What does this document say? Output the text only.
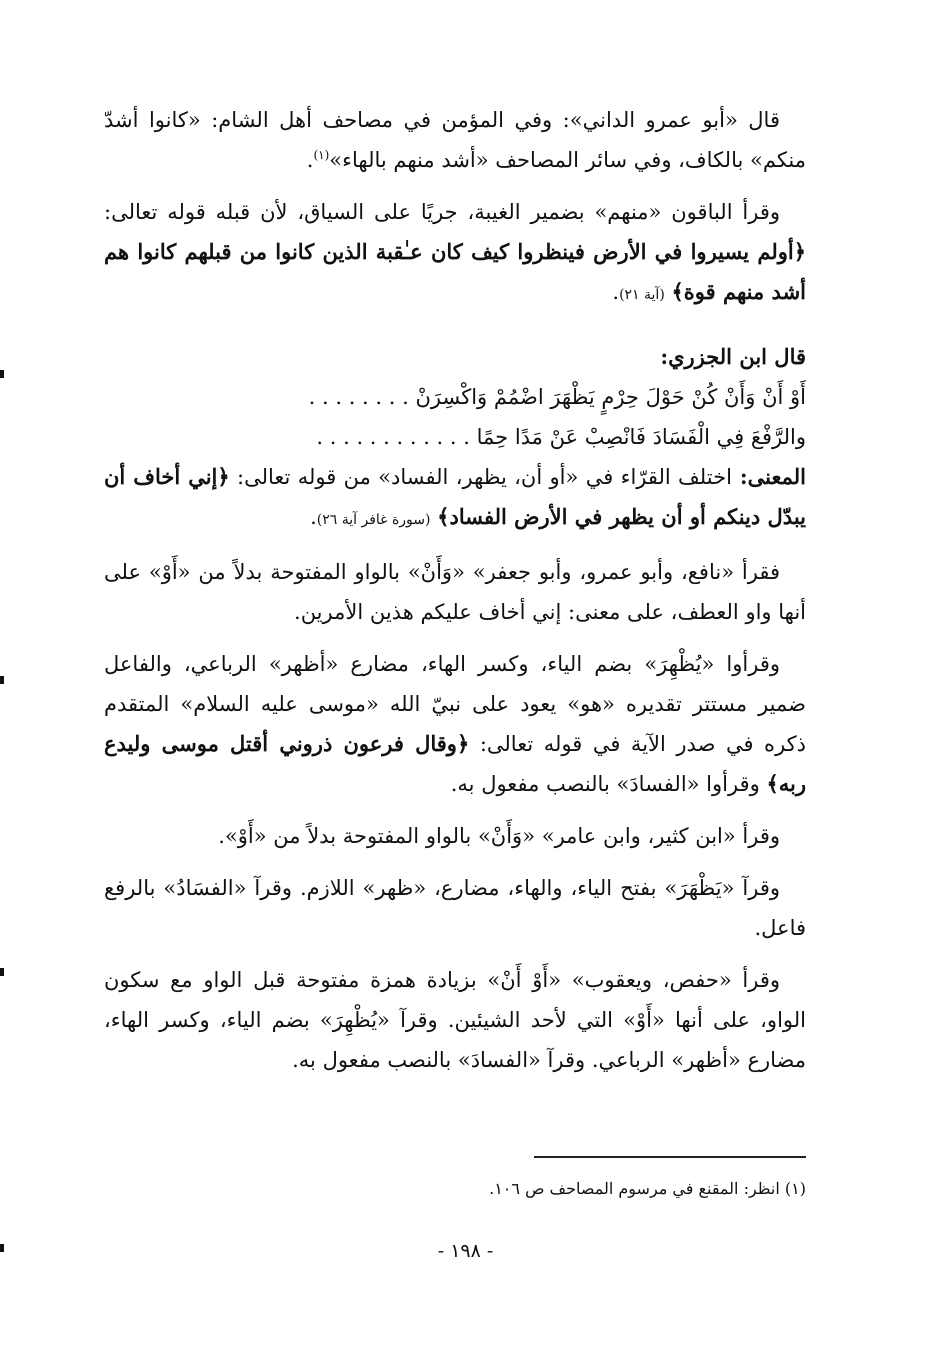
قال «أبو عمرو الداني»: وفي المؤمن في مصاحف أهل الشام: «كانوا أشدّ منكم» بالكاف، وفي سائر المصاحف «أشد منهم بالهاء»$^{(١)}$.

وقرأ الباقون «منهم» بضمير الغيبة، جريًا على السياق، لأن قبله قوله تعالى: ﴿أولم يسيروا في الأرض فينظروا كيف كان عـٰقبة الذين كانوا من قبلهم كانوا هم أشد منهم قوة﴾ (آية ٢١).

قال ابن الجزري:

أَوْ أَنْ وَأَنْ كُنْ حَوْلَ حِرْمٍ يَظْهَرَ اضْمُمْ وَاكْسِرَنْ . . . . . . . .

والرَّفْعَ فِي الْفَسَادَ فَانْصِبْ عَنْ مَدًا حِمًا . . . . . . . . . . . .

المعنى: اختلف القرّاء في «أو أن، يظهر، الفساد» من قوله تعالى: ﴿إني أخاف أن يبدّل دينكم أو أن يظهر في الأرض الفساد﴾ (سورة غافر آية ٢٦).

فقرأ «نافع، وأبو عمرو، وأبو جعفر» «وَأَنْ» بالواو المفتوحة بدلاً من «أَوْ» على أنها واو العطف، على معنى: إني أخاف عليكم هذين الأمرين.

وقرأوا «يُظْهِرَ» بضم الياء، وكسر الهاء، مضارع «أظهر» الرباعي، والفاعل ضمير مستتر تقديره «هو» يعود على نبيّ الله «موسى عليه السلام» المتقدم ذكره في صدر الآية في قوله تعالى: ﴿وقال فرعون ذروني أقتل موسى وليدع ربه﴾ وقرأوا «الفسادَ» بالنصب مفعول به.

وقرأ «ابن كثير، وابن عامر» «وَأَنْ» بالواو المفتوحة بدلاً من «أَوْ».

وقرآ «يَظْهَرَ» بفتح الياء، والهاء، مضارع، «ظهر» اللازم. وقرآ «الفسَادُ» بالرفع فاعل.

وقرأ «حفص، ويعقوب» «أَوْ أَنْ» بزيادة همزة مفتوحة قبل الواو مع سكون الواو، على أنها «أَوْ» التي لأحد الشيئين. وقرآ «يُظْهِرَ» بضم الياء، وكسر الهاء، مضارع «أظهر» الرباعي. وقرآ «الفسادَ» بالنصب مفعول به.

(١) انظر: المقنع في مرسوم المصاحف ص ١٠٦.
- ١٩٨ -
